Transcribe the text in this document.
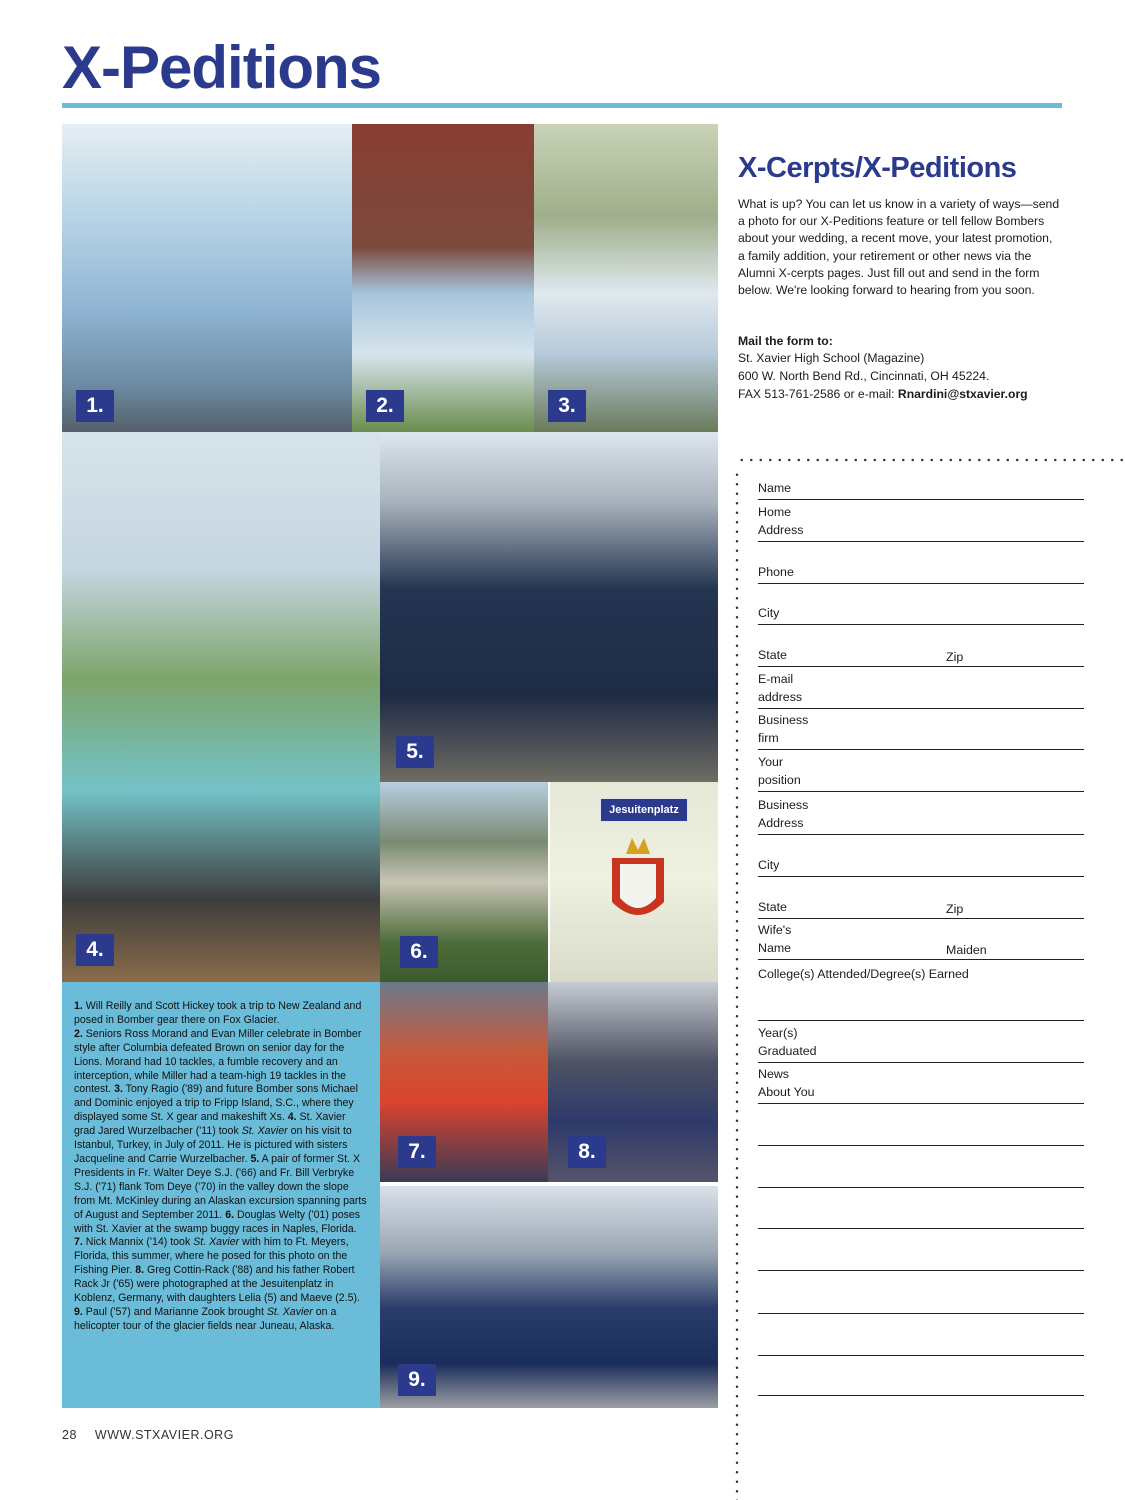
X-Peditions
1.	2.	3.
4.
5.
6.
Jesuitenplatz
7.	8.
9.
1. Will Reilly and Scott Hickey took a trip to New Zealand and posed in Bomber gear there on Fox Glacier.
2. Seniors Ross Morand and Evan Miller celebrate in Bomber style after Columbia defeated Brown on senior day for the Lions. Morand had 10 tackles, a fumble recovery and an interception, while Miller had a team-high 19 tackles in the contest. 3. Tony Ragio ('89) and future Bomber sons Michael and Dominic enjoyed a trip to Fripp Island, S.C., where they displayed some St. X gear and makeshift Xs. 4. St. Xavier grad Jared Wurzelbacher ('11) took St. Xavier on his visit to Istanbul, Turkey, in July of 2011. He is pictured with sisters Jacqueline and Carrie Wurzelbacher. 5. A pair of former St. X Presidents in Fr. Walter Deye S.J. ('66) and Fr. Bill Verbryke S.J. ('71) flank Tom Deye ('70) in the valley down the slope from Mt. McKinley during an Alaskan excursion spanning parts of August and September 2011. 6. Douglas Welty ('01) poses with St. Xavier at the swamp buggy races in Naples, Florida. 7. Nick Mannix ('14) took St. Xavier with him to Ft. Meyers, Florida, this summer, where he posed for this photo on the Fishing Pier. 8. Greg Cottin-Rack ('88) and his father Robert Rack Jr ('65) were photographed at the Jesuitenplatz in Koblenz, Germany, with daughters Lelia (5) and Maeve (2.5). 9. Paul ('57) and Marianne Zook brought St. Xavier on a helicopter tour of the glacier fields near Juneau, Alaska.
X-Cerpts/X-Peditions
What is up? You can let us know in a variety of ways—send a photo for our X-Peditions feature or tell fellow Bombers about your wedding, a recent move, your latest promotion, a family addition, your retirement or other news via the Alumni X-cerpts pages. Just fill out and send in the form below. We're looking forward to hearing from you soon.
Mail the form to:
St. Xavier High School (Magazine)
600 W. North Bend Rd., Cincinnati, OH 45224.
FAX 513-761-2586 or e-mail: Rnardini@stxavier.org
Name
Home
Address
Phone
City
State	Zip
E-mail
address
Business
firm
Your
position
Business
Address
City
State	Zip
Wife's
Name	Maiden
College(s) Attended/Degree(s) Earned
Year(s)
Graduated
News
About You
28 WWW.STXAVIER.ORG
